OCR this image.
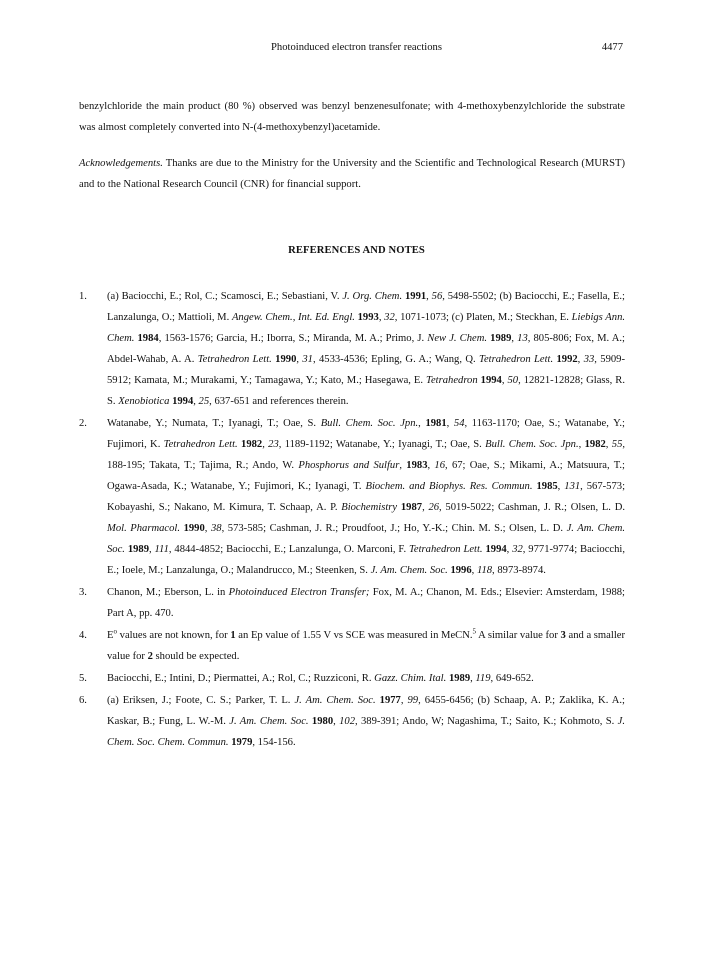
Photoinduced electron transfer reactions	4477

benzylchloride the main product (80 %) observed was benzyl benzenesulfonate; with 4-methoxybenzylchloride the substrate was almost completely converted into N-(4-methoxybenzyl)acetamide.

Acknowledgements. Thanks are due to the Ministry for the University and the Scientific and Technological Research (MURST) and to the National Research Council (CNR) for financial support.

REFERENCES AND NOTES
1.	(a) Baciocchi, E.; Rol, C.; Scamosci, E.; Sebastiani, V. J. Org. Chem. 1991, 56, 5498-5502; (b) Baciocchi, E.; Fasella, E.; Lanzalunga, O.; Mattioli, M. Angew. Chem., Int. Ed. Engl. 1993, 32, 1071-1073; (c) Platen, M.; Steckhan, E. Liebigs Ann. Chem. 1984, 1563-1576; Garcia, H.; Iborra, S.; Miranda, M. A.; Primo, J. New J. Chem. 1989, 13, 805-806; Fox, M. A.; Abdel-Wahab, A. A. Tetrahedron Lett. 1990, 31, 4533-4536; Epling, G. A.; Wang, Q. Tetrahedron Lett. 1992, 33, 5909-5912; Kamata, M.; Murakami, Y.; Tamagawa, Y.; Kato, M.; Hasegawa, E. Tetrahedron 1994, 50, 12821-12828; Glass, R. S. Xenobiotica 1994, 25, 637-651 and references therein.
2.	Watanabe, Y.; Numata, T.; Iyanagi, T.; Oae, S. Bull. Chem. Soc. Jpn., 1981, 54, 1163-1170; Oae, S.; Watanabe, Y.; Fujimori, K. Tetrahedron Lett. 1982, 23, 1189-1192; Watanabe, Y.; Iyanagi, T.; Oae, S. Bull. Chem. Soc. Jpn., 1982, 55, 188-195; Takata, T.; Tajima, R.; Ando, W. Phosphorus and Sulfur, 1983, 16, 67; Oae, S.; Mikami, A.; Matsuura, T.; Ogawa-Asada, K.; Watanabe, Y.; Fujimori, K.; Iyanagi, T. Biochem. and Biophys. Res. Commun. 1985, 131, 567-573; Kobayashi, S.; Nakano, M. Kimura, T. Schaap, A. P. Biochemistry 1987, 26, 5019-5022; Cashman, J. R.; Olsen, L. D. Mol. Pharmacol. 1990, 38, 573-585; Cashman, J. R.; Proudfoot, J.; Ho, Y.-K.; Chin. M. S.; Olsen, L. D. J. Am. Chem. Soc. 1989, 111, 4844-4852; Baciocchi, E.; Lanzalunga, O. Marconi, F. Tetrahedron Lett. 1994, 32, 9771-9774; Baciocchi, E.; Ioele, M.; Lanzalunga, O.; Malandrucco, M.; Steenken, S. J. Am. Chem. Soc. 1996, 118, 8973-8974.
3.	Chanon, M.; Eberson, L. in Photoinduced Electron Transfer; Fox, M. A.; Chanon, M. Eds.; Elsevier: Amsterdam, 1988; Part A, pp. 470.
4.	$E^o$ values are not known, for 1 an Ep value of 1.55 V vs SCE was measured in MeCN.$^5$ A similar value for 3 and a smaller value for 2 should be expected.
5.	Baciocchi, E.; Intini, D.; Piermattei, A.; Rol, C.; Ruzziconi, R. Gazz. Chim. Ital. 1989, 119, 649-652.
6.	(a) Eriksen, J.; Foote, C. S.; Parker, T. L. J. Am. Chem. Soc. 1977, 99, 6455-6456; (b) Schaap, A. P.; Zaklika, K. A.; Kaskar, B.; Fung, L. W.-M. J. Am. Chem. Soc. 1980, 102, 389-391; Ando, W; Nagashima, T.; Saito, K.; Kohmoto, S. J. Chem. Soc. Chem. Commun. 1979, 154-156.
